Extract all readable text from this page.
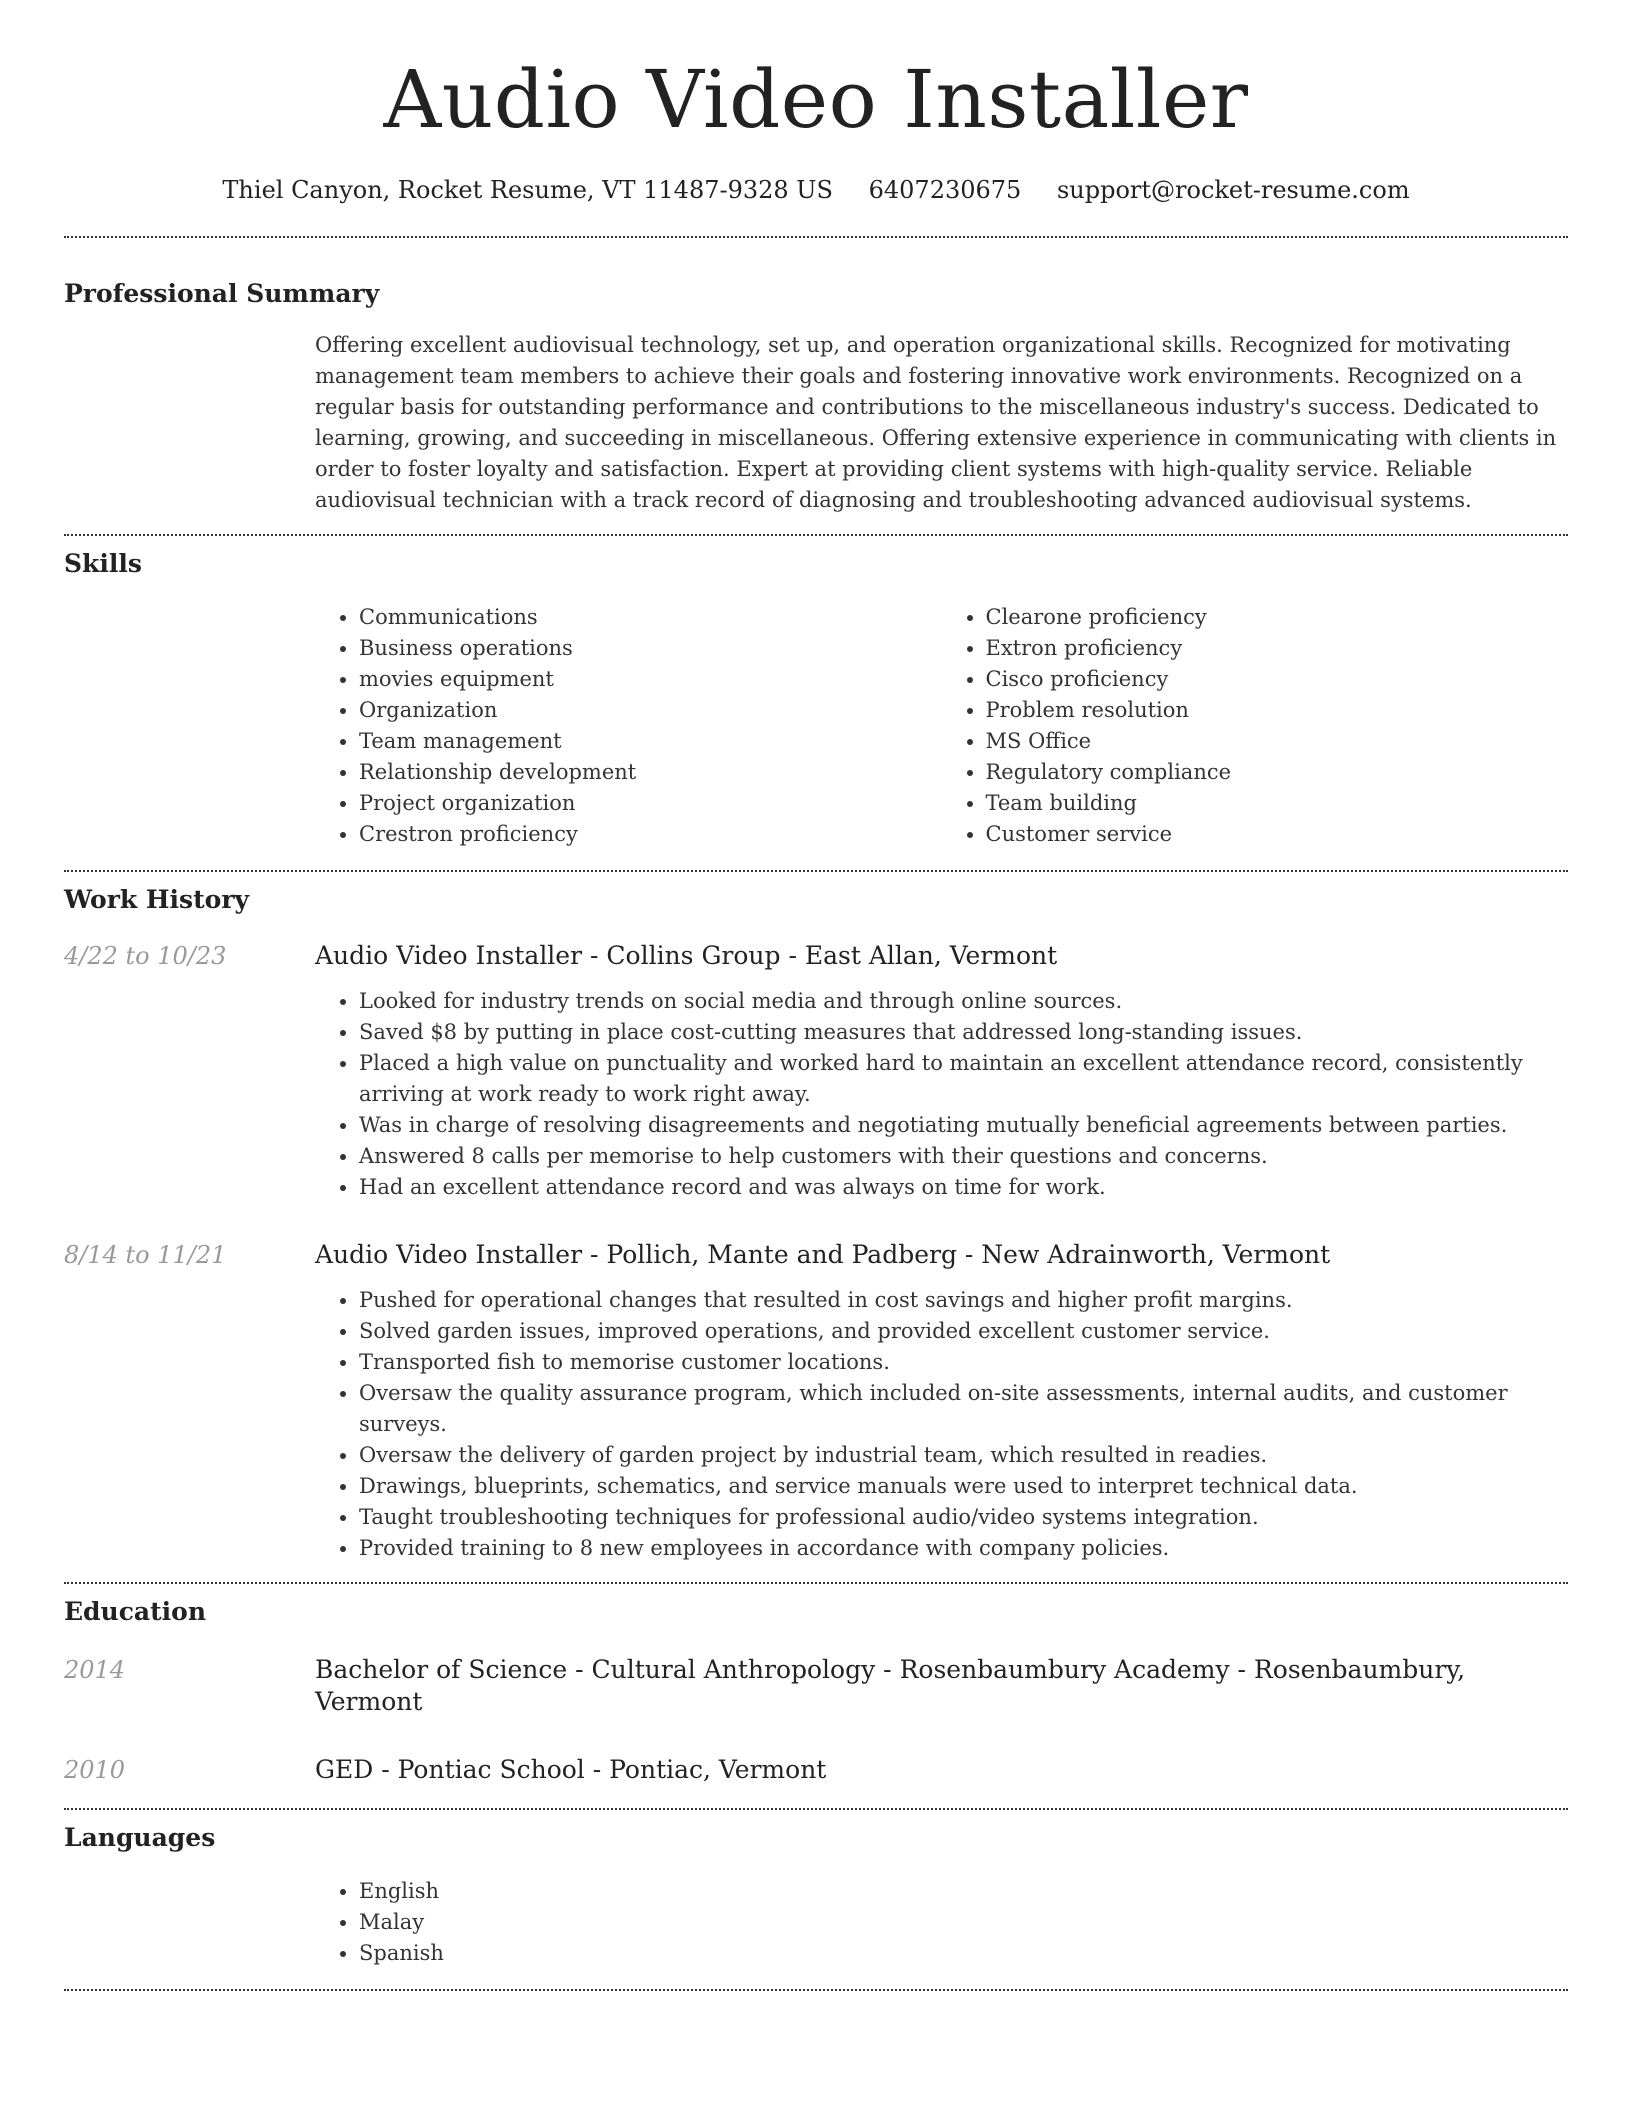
Audio Video Installer
Thiel Canyon, Rocket Resume, VT 11487-9328 US 6407230675 support@rocket-resume.com
Professional Summary
Offering excellent audiovisual technology, set up, and operation organizational skills. Recognized for motivating management team members to achieve their goals and fostering innovative work environments. Recognized on a regular basis for outstanding performance and contributions to the miscellaneous industry's success. Dedicated to learning, growing, and succeeding in miscellaneous. Offering extensive experience in communicating with clients in order to foster loyalty and satisfaction. Expert at providing client systems with high-quality service. Reliable audiovisual technician with a track record of diagnosing and troubleshooting advanced audiovisual systems.
Skills
• Communications
• Business operations
• movies equipment
• Organization
• Team management
• Relationship development
• Project organization
• Crestron proficiency
• Clearone proficiency
• Extron proficiency
• Cisco proficiency
• Problem resolution
• MS Office
• Regulatory compliance
• Team building
• Customer service
Work History
4/22 to 10/23	Audio Video Installer - Collins Group - East Allan, Vermont
• Looked for industry trends on social media and through online sources.
• Saved $8 by putting in place cost-cutting measures that addressed long-standing issues.
• Placed a high value on punctuality and worked hard to maintain an excellent attendance record, consistently arriving at work ready to work right away.
• Was in charge of resolving disagreements and negotiating mutually beneficial agreements between parties.
• Answered 8 calls per memorise to help customers with their questions and concerns.
• Had an excellent attendance record and was always on time for work.
8/14 to 11/21	Audio Video Installer - Pollich, Mante and Padberg - New Adrainworth, Vermont
• Pushed for operational changes that resulted in cost savings and higher profit margins.
• Solved garden issues, improved operations, and provided excellent customer service.
• Transported fish to memorise customer locations.
• Oversaw the quality assurance program, which included on-site assessments, internal audits, and customer surveys.
• Oversaw the delivery of garden project by industrial team, which resulted in readies.
• Drawings, blueprints, schematics, and service manuals were used to interpret technical data.
• Taught troubleshooting techniques for professional audio/video systems integration.
• Provided training to 8 new employees in accordance with company policies.
Education
2014	Bachelor of Science - Cultural Anthropology - Rosenbaumbury Academy - Rosenbaumbury, Vermont
2010	GED - Pontiac School - Pontiac, Vermont
Languages
• English
• Malay
• Spanish
